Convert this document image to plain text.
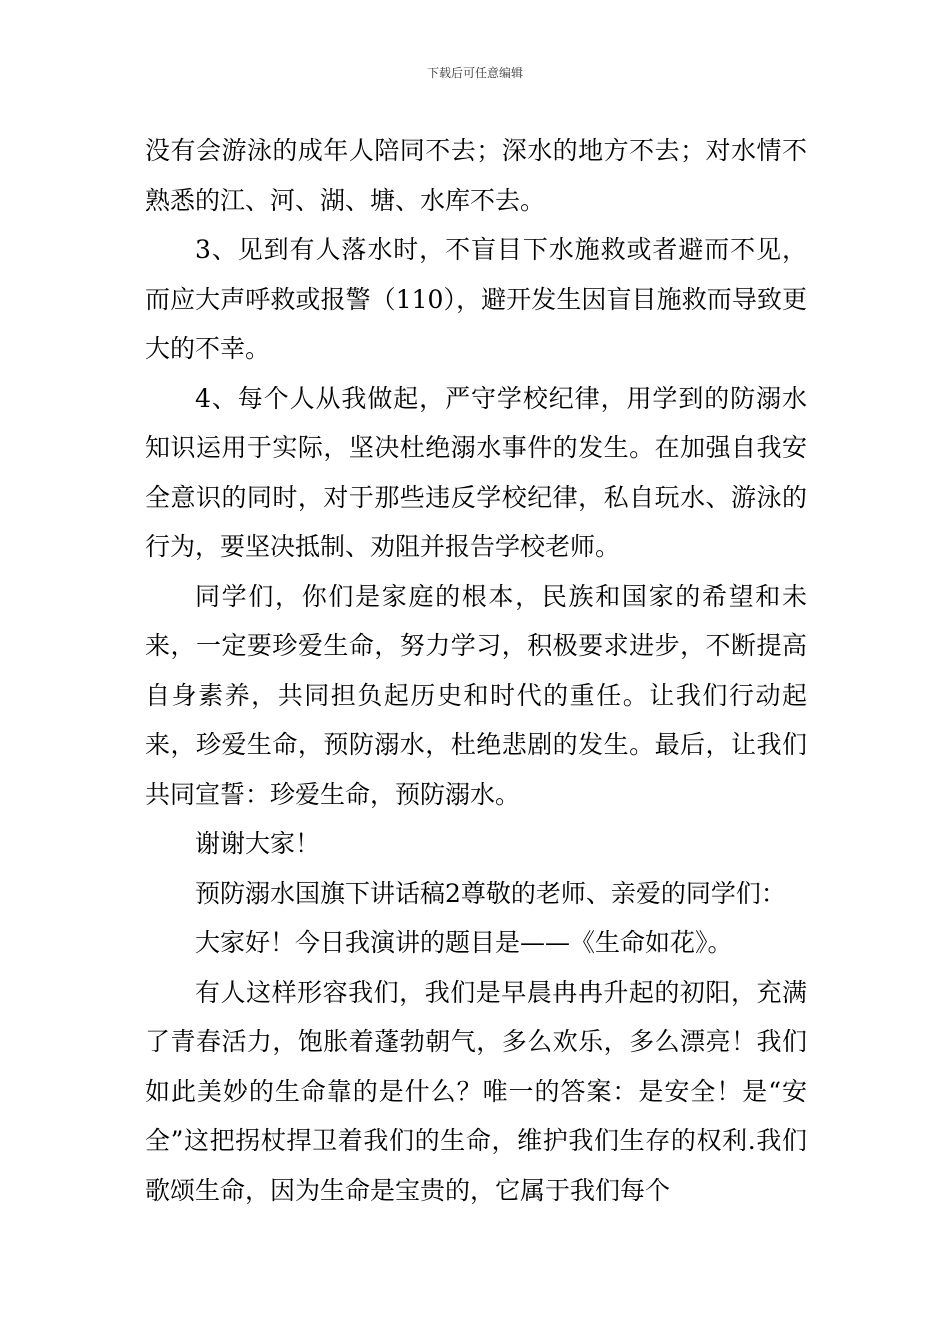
下载后可任意编辑

没有会游泳的成年人陪同不去；深水的地方不去；对水情不熟悉的江、河、湖、塘、水库不去。

3、见到有人落水时，不盲目下水施救或者避而不见，而应大声呼救或报警（110），避开发生因盲目施救而导致更大的不幸。

4、每个人从我做起，严守学校纪律，用学到的防溺水知识运用于实际，坚决杜绝溺水事件的发生。在加强自我安全意识的同时，对于那些违反学校纪律，私自玩水、游泳的行为，要坚决抵制、劝阻并报告学校老师。

同学们，你们是家庭的根本，民族和国家的希望和未来，一定要珍爱生命，努力学习，积极要求进步，不断提高自身素养，共同担负起历史和时代的重任。让我们行动起来，珍爱生命，预防溺水，杜绝悲剧的发生。最后，让我们共同宣誓：珍爱生命，预防溺水。

谢谢大家！

预防溺水国旗下讲话稿2尊敬的老师、亲爱的同学们：

大家好！今日我演讲的题目是——《生命如花》。

有人这样形容我们，我们是早晨冉冉升起的初阳，充满了青春活力，饱胀着蓬勃朝气，多么欢乐，多么漂亮！我们如此美妙的生命靠的是什么？唯一的答案：是安全！是“安全”这把拐杖捍卫着我们的生命，维护我们生存的权利.我们歌颂生命，因为生命是宝贵的，它属于我们每个
